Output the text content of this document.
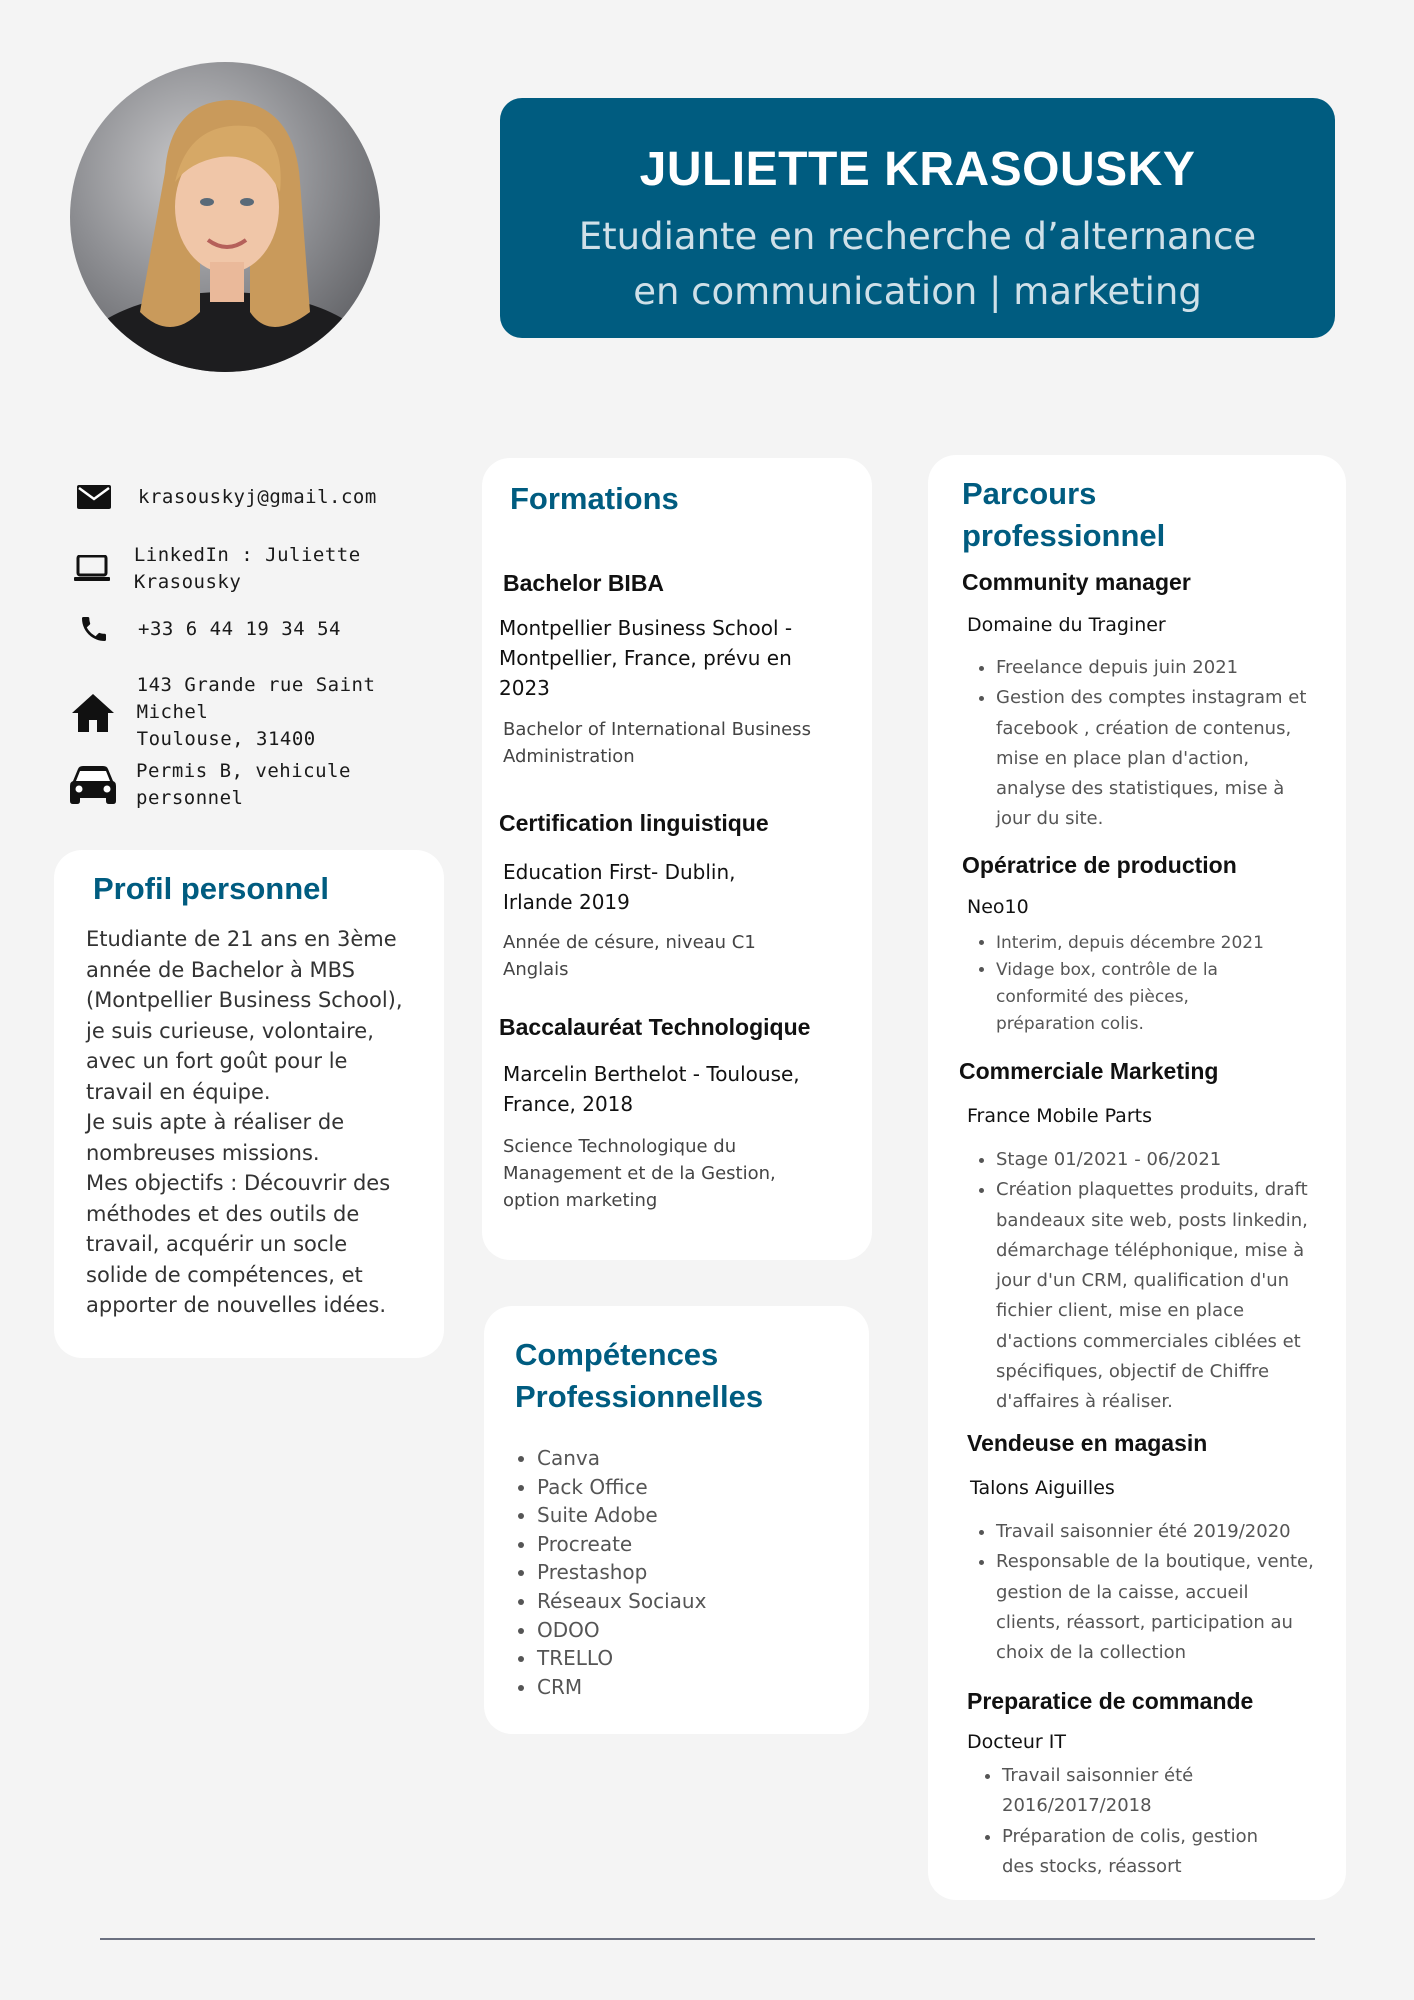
JULIETTE KRASOUSKY
Etudiante en recherche d’alternance
en communication | marketing
krasouskyj@gmail.com
LinkedIn : Juliette Krasousky
+33 6 44 19 34 54
143 Grande rue Saint Michel
Toulouse, 31400
Permis B, vehicule personnel
Profil personnel
Etudiante de 21 ans en 3ème
année de Bachelor à MBS
(Montpellier Business School),
je suis curieuse, volontaire,
avec un fort goût pour le
travail en équipe.
Je suis apte à réaliser de
nombreuses missions.
Mes objectifs : Découvrir des
méthodes et des outils de
travail, acquérir un socle
solide de compétences, et
apporter de nouvelles idées.
Formations
Bachelor BIBA
Montpellier Business School -
Montpellier, France, prévu en
2023
Bachelor of International Business
Administration
Certification linguistique
Education First- Dublin,
Irlande 2019
Année de césure, niveau C1
Anglais
Baccalauréat Technologique
Marcelin Berthelot - Toulouse,
France, 2018
Science Technologique du
Management et de la Gestion,
option marketing
Compétences
Professionnelles
• Canva
• Pack Office
• Suite Adobe
• Procreate
• Prestashop
• Réseaux Sociaux
• ODOO
• TRELLO
• CRM
Parcours
professionnel
Community manager
Domaine du Traginer
• Freelance depuis juin 2021
• Gestion des comptes instagram et
facebook , création de contenus,
mise en place plan d'action,
analyse des statistiques, mise à
jour du site.
Opératrice de production
Neo10
• Interim, depuis décembre 2021
• Vidage box, contrôle de la
conformité des pièces,
préparation colis.
Commerciale Marketing
France Mobile Parts
• Stage 01/2021 - 06/2021
• Création plaquettes produits, draft
bandeaux site web, posts linkedin,
démarchage téléphonique, mise à
jour d'un CRM, qualification d'un
fichier client, mise en place
d'actions commerciales ciblées et
spécifiques, objectif de Chiffre
d'affaires à réaliser.
Vendeuse en magasin
Talons Aiguilles
• Travail saisonnier été 2019/2020
• Responsable de la boutique, vente,
gestion de la caisse, accueil
clients, réassort, participation au
choix de la collection
Preparatice de commande
Docteur IT
• Travail saisonnier été
2016/2017/2018
• Préparation de colis, gestion
des stocks, réassort
